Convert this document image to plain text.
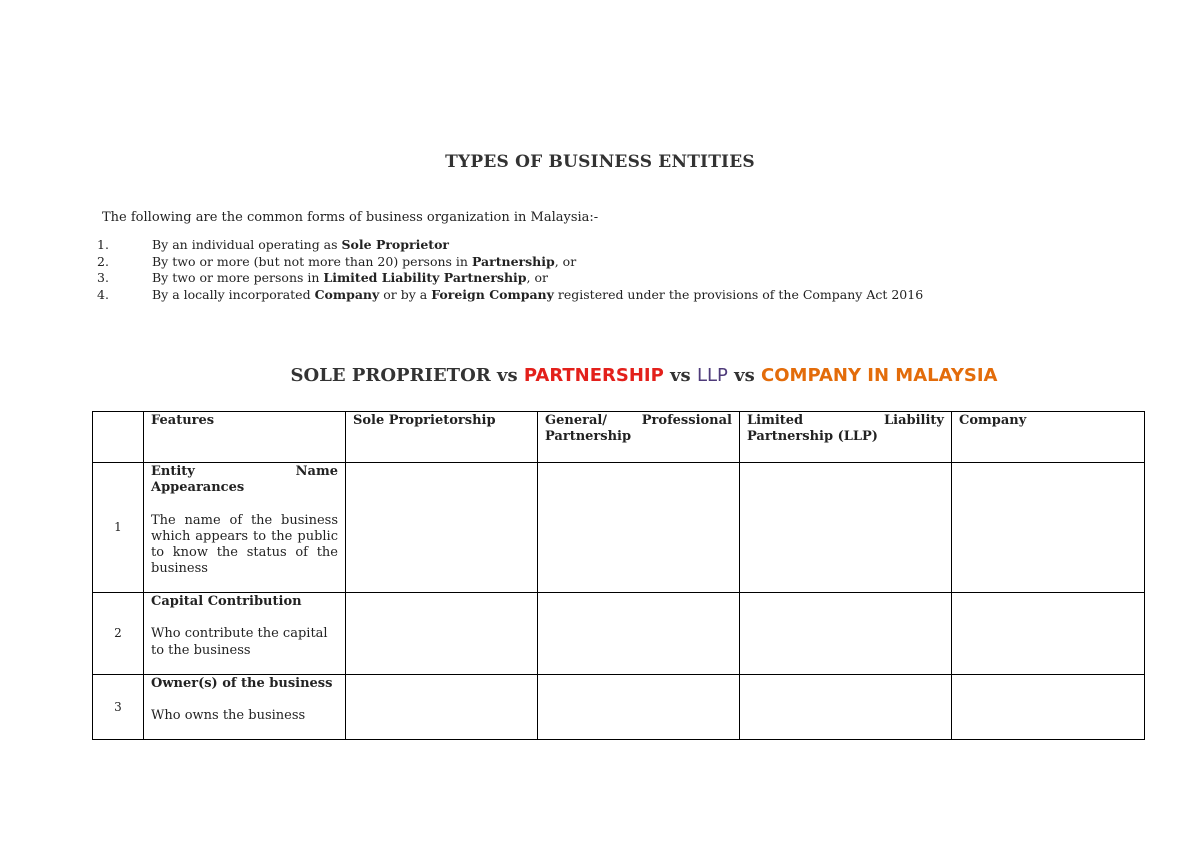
TYPES OF BUSINESS ENTITIES
The following are the common forms of business organization in Malaysia:-
1.	By an individual operating as Sole Proprietor
2.	By two or more (but not more than 20) persons in Partnership, or
3.	By two or more persons in Limited Liability Partnership, or
4.	By a locally incorporated Company or by a Foreign Company registered under the provisions of the Company Act 2016
SOLE PROPRIETOR vs PARTNERSHIP vs LLP vs COMPANY IN MALAYSIA
	Features	Sole Proprietorship	General/ Professional Partnership	Limited Liability Partnership (LLP)	Company
1	Entity Name Appearances
The name of the business which appears to the public to know the status of the business				

2	Capital Contribution
Who contribute the capital to the business				

3	Owner(s) of the business
Who owns the business				
